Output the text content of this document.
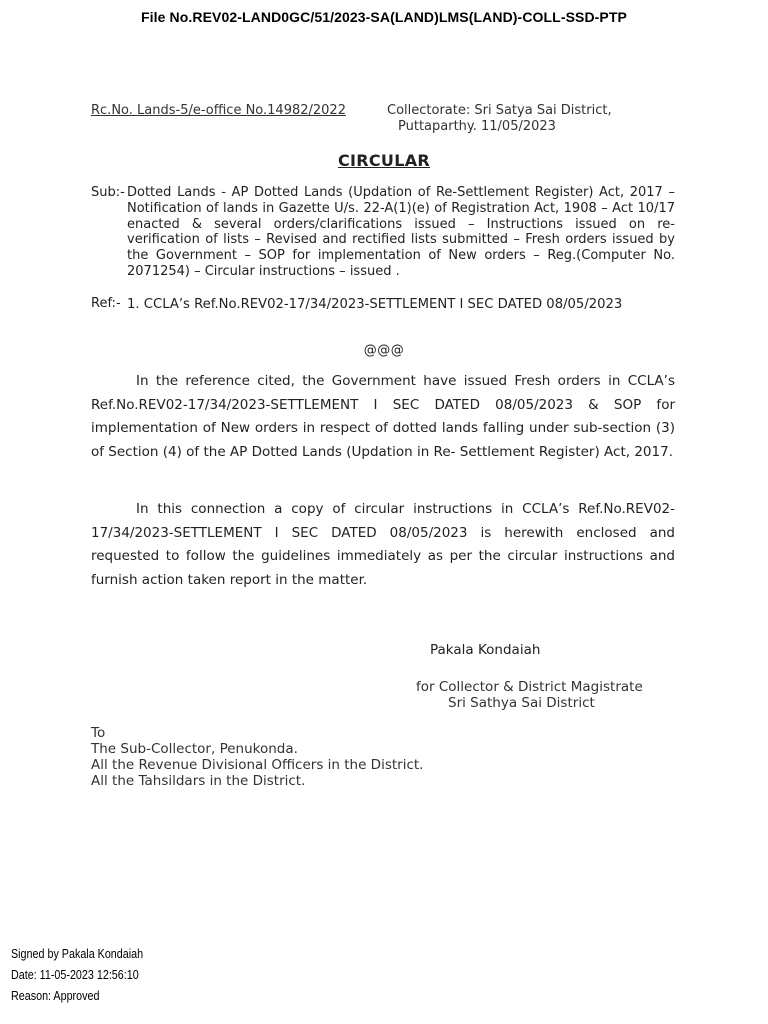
File No.REV02-LAND0GC/51/2023-SA(LAND)LMS(LAND)-COLL-SSD-PTP
Rc.No. Lands-5/e-office No.14982/2022	Collectorate: Sri Satya Sai District,
Puttaparthy. 11/05/2023
CIRCULAR
Sub:- Dotted Lands - AP Dotted Lands (Updation of Re-Settlement Register) Act, 2017 – Notification of lands in Gazette U/s. 22-A(1)(e) of Registration Act, 1908 – Act 10/17 enacted & several orders/clarifications issued – Instructions issued on re-verification of lists – Revised and rectified lists submitted – Fresh orders issued by the Government – SOP for implementation of New orders – Reg.(Computer No. 2071254) – Circular instructions – issued .
Ref:- 1. CCLA’s Ref.No.REV02-17/34/2023-SETTLEMENT I SEC DATED 08/05/2023
@@@
In the reference cited, the Government have issued Fresh orders in CCLA’s Ref.No.REV02-17/34/2023-SETTLEMENT I SEC DATED 08/05/2023 & SOP for implementation of New orders in respect of dotted lands falling under sub-section (3) of Section (4) of the AP Dotted Lands (Updation in Re- Settlement Register) Act, 2017.
In this connection a copy of circular instructions in CCLA’s Ref.No.REV02-17/34/2023-SETTLEMENT I SEC DATED 08/05/2023 is herewith enclosed and requested to follow the guidelines immediately as per the circular instructions and furnish action taken report in the matter.
Pakala Kondaiah
for Collector & District Magistrate
Sri Sathya Sai District
To
The Sub-Collector, Penukonda.
All the Revenue Divisional Officers in the District.
All the Tahsildars in the District.
Signed by Pakala Kondaiah
Date: 11-05-2023 12:56:10
Reason: Approved
